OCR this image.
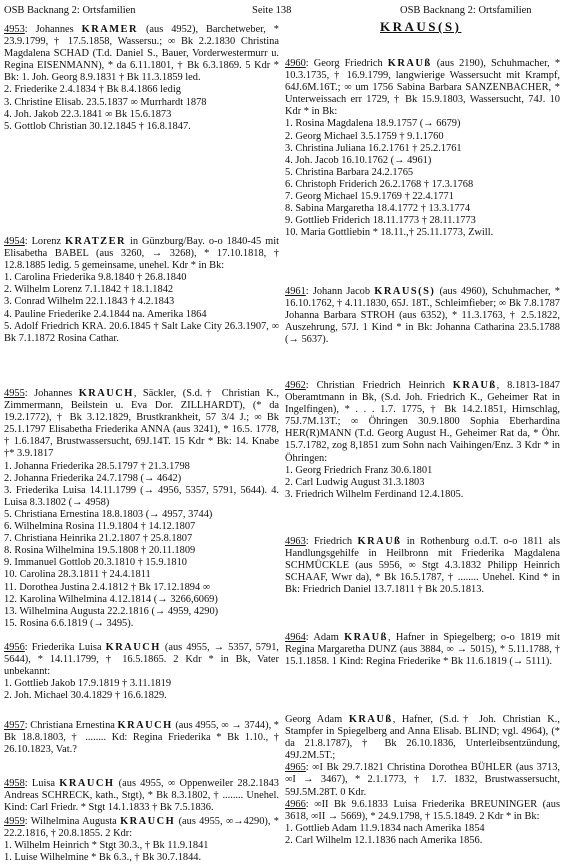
OSB Backnang 2: Ortsfamilien	Seite 138	OSB Backnang 2: Ortsfamilien

4953: Johannes KRAMER (aus 4952), Barchetweber, * 23.9.1799, † 17.5.1858, Wassersu.; ∞ Bk 2.2.1830 Christina Magdalena SCHAD (T.d. Daniel S., Bauer, Vorderwestermurr u. Regina EISENMANN), * da 6.11.1801, † Bk 6.3.1869. 5 Kdr * Bk: 1. Joh. Georg 8.9.1831 † Bk 11.3.1859 led.

2. Friederike 2.4.1834 † Bk 8.4.1866 ledig
3. Christine Elisab. 23.5.1837 ∞ Murrhardt 1878
4. Joh. Jakob 22.3.1841 ∞ Bk 15.6.1873
5. Gottlob Christian 30.12.1845 † 16.8.1847.

4954: Lorenz KRATZER in Günzburg/Bay. o-o 1840-45 mit Elisabetha BABEL (aus 3260, → 3268), * 17.10.1818, † 12.8.1885 ledig. 5 gemeinsame, unehel. Kdr * in Bk:

1. Carolina Friederika 9.8.1840 † 26.8.1840
2. Wilhelm Lorenz 7.1.1842 † 18.1.1842
3. Conrad Wilhelm 22.1.1843 † 4.2.1843
4. Pauline Friederike 2.4.1844 na. Amerika 1864

5. Adolf Friedrich KRA. 20.6.1845 † Salt Lake City 26.3.1907, ∞ Bk 7.1.1872 Rosina Cathar.

4955: Johannes KRAUCH, Säckler, (S.d.† Christian K., Zimmermann, Beilstein u. Eva Dor. ZILLHARDT), (* da 19.2.1772), † Bk 3.12.1829, Brustkrankheit, 57 3/4 J.; ∞ Bk 25.1.1797 Elisabetha Friederika ANNA (aus 3241), * 16.5. 1778, † 1.6.1847, Brustwassersucht, 69J.14T. 15 Kdr * Bk: 14. Knabe †* 3.9.1817

1. Johanna Friederika 28.5.1797 † 21.3.1798
2. Johanna Friederika 24.7.1798 (→ 4642)

3. Friederika Luisa 14.11.1799 (→ 4956, 5357, 5791, 5644). 4. Luisa 8.3.1802 (→ 4958)

5. Christiana Ernestina 18.8.1803 (→ 4957, 3744)
6. Wilhelmina Rosina 11.9.1804 † 14.12.1807
7. Christiana Heinrika 21.2.1807 † 25.8.1807
8. Rosina Wilhelmina 19.5.1808 † 20.11.1809
9. Immanuel Gottlob 20.3.1810 † 15.9.1810
10. Carolina 28.3.1811 † 24.4.1811
11. Dorothea Justina 2.4.1812 † Bk 17.12.1894 ∞
12. Karolina Wilhelmina 4.12.1814 (→ 3266,6069)
13. Wilhelmina Augusta 22.2.1816 (→ 4959, 4290)
15. Rosina 6.6.1819 (→ 3495).

4956: Friederika Luisa KRAUCH (aus 4955, → 5357, 5791, 5644), * 14.11.1799, † 16.5.1865. 2 Kdr * in Bk, Vater unbekannt:

1. Gottlieb Jakob 17.9.1819 † 3.11.1819
2. Joh. Michael 30.4.1829 † 16.6.1829.

4957: Christiana Ernestina KRAUCH (aus 4955, ∞ → 3744), * Bk 18.8.1803, † ........ Kd: Regina Friederika * Bk 1.10., † 26.10.1823, Vat.?

4958: Luisa KRAUCH (aus 4955, ∞ Oppenweiler 28.2.1843 Andreas SCHRECK, kath., Stgt), * Bk 8.3.1802, † ........ Unehel. Kind: Carl Friedr. * Stgt 14.1.1833 † Bk 7.5.1836.

4959: Wilhelmina Augusta KRAUCH (aus 4955, ∞→4290), * 22.2.1816, † 20.8.1855. 2 Kdr:

1. Wilhelm Heinrich * Stgt 30.3., † Bk 11.9.1841
1. Luise Wilhelmine * Bk 6.3., † Bk 30.7.1844.
KRAUS(S)

4960: Georg Friedrich KRAUß (aus 2190), Schuhmacher, * 10.3.1735, † 16.9.1799, langwierige Wassersucht mit Krampf, 64J.6M.16T.; ∞ um 1756 Sabina Barbara SANZENBACHER, * Unterweissach err 1729, † Bk 15.9.1803, Wassersucht, 74J. 10 Kdr * in Bk:

1. Rosina Magdalena 18.9.1757 (→ 6679)
2. Georg Michael 3.5.1759 † 9.1.1760
3. Christina Juliana 16.2.1761 † 25.2.1761
4. Joh. Jacob 16.10.1762 (→ 4961)
5. Christina Barbara 24.2.1765
6. Christoph Friderich 26.2.1768 † 17.3.1768
7. Georg Michael 15.9.1769 † 22.4.1771
8. Sabina Margaretha 18.4.1772 † 13.3.1774
9. Gottlieb Friderich 18.11.1773 † 28.11.1773
10. Maria Gottliebin * 18.11.,† 25.11.1773, Zwill.

4961: Johann Jacob KRAUS(S) (aus 4960), Schuhmacher, * 16.10.1762, † 4.11.1830, 65J. 18T., Schleimfieber; ∞ Bk 7.8.1787 Johanna Barbara STROH (aus 6352), * 11.3.1763, † 2.5.1822, Auszehrung, 57J. 1 Kind * in Bk: Johanna Catharina 23.5.1788 (→ 5637).

4962: Christian Friedrich Heinrich KRAUß, 8.1813-1847 Oberamtmann in Bk, (S.d. Joh. Friedrich K., Geheimer Rat in Ingelfingen), * . . . 1.7. 1775, † Bk 14.2.1851, Hirnschlag, 75J.7M.13T.; ∞ Öhringen 30.9.1800 Sophia Eberhardina HER(R)MANN (T.d. Georg August H., Geheimer Rat da, * Öhr. 15.7.1782, zog 8,1851 zum Sohn nach Vaihingen/Enz. 3 Kdr * in Öhringen:

1. Georg Friedrich Franz 30.6.1801
2. Carl Ludwig August 31.3.1803
3. Friedrich Wilhelm Ferdinand 12.4.1805.

4963: Friedrich KRAUß in Rothenburg o.d.T. o-o 1811 als Handlungsgehilfe in Heilbronn mit Friederika Magdalena SCHMÜCKLE (aus 5956, ∞ Stgt 4.3.1832 Philipp Heinrich SCHAAF, Wwr da), * Bk 16.5.1787, † ........ Unehel. Kind * in Bk: Friedrich Daniel 13.7.1811 † Bk 20.5.1813.

4964: Adam KRAUß, Hafner in Spiegelberg; o-o 1819 mit Regina Margaretha DUNZ (aus 3884, ∞ → 5015), * 5.11.1788, † 15.1.1858. 1 Kind: Regina Friederike * Bk 11.6.1819 (→ 5111).

Georg Adam KRAUß, Hafner, (S.d.† Joh. Christian K., Stampfer in Spiegelberg and Anna Elisab. BLIND; vgl. 4964), (* da 21.8.1787), † Bk 26.10.1836, Unterleibsentzündung, 49J.2M.5T.;

4965: ∞I Bk 29.7.1821 Christina Dorothea BÜHLER (aus 3713, ∞I → 3467), * 2.1.1773, † 1.7. 1832, Brustwassersucht, 59J.5M.28T. 0 Kdr.

4966: ∞II Bk 9.6.1833 Luisa Friederika BREUNINGER (aus 3618, ∞II → 5669), * 24.9.1798, † 15.5.1849. 2 Kdr * in Bk:

1. Gottlieb Adam 11.9.1834 nach Amerika 1854
2. Carl Wilhelm 12.1.1836 nach Amerika 1856.
